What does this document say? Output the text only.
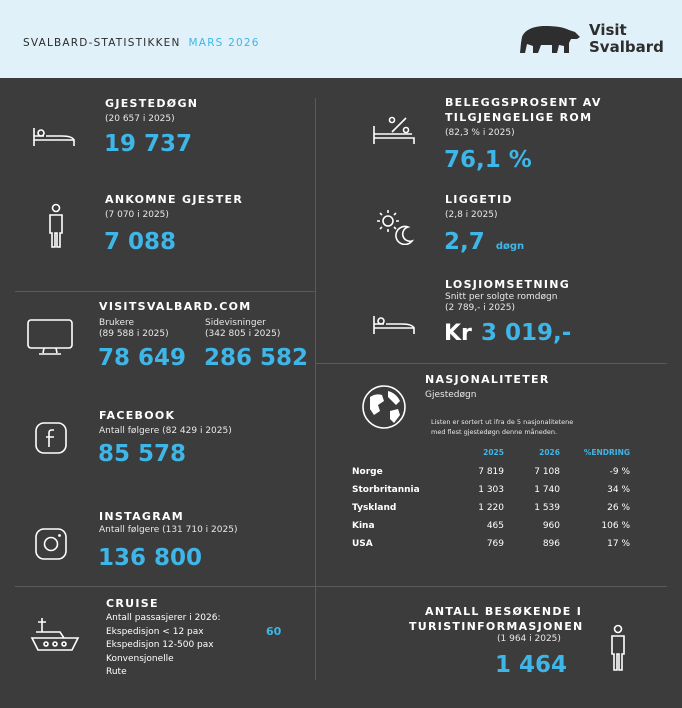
SVALBARD-STATISTIKKEN MARS 2026
Visit
Svalbard
GJESTEDØGN
(20 657 i 2025)
19 737
ANKOMNE GJESTER
(7 070 i 2025)
7 088
BELEGGSPROSENT AV
TILGJENGELIGE ROM
(82,3 % i 2025)
76,1 %
LIGGETID
(2,8 i 2025)
2,7 døgn
LOSJIOMSETNING
Snitt per solgte romdøgn
(2 789,- i 2025)
Kr 3 019,-
VISITSVALBARD.COM
Brukere
(89 588 i 2025)
78 649
Sidevisninger
(342 805 i 2025)
286 582
FACEBOOK
Antall følgere (82 429 i 2025)
85 578
INSTAGRAM
Antall følgere (131 710 i 2025)
136 800
NASJONALITETER
Gjestedøgn
Listen er sortert ut ifra de 5 nasjonalitetene
med flest gjestedøgn denne måneden.
	2025	2026	%ENDRING
Norge	7 819	7 108	-9 %
Storbritannia	1 303	1 740	34 %
Tyskland	1 220	1 539	26 %
Kina	465	960	106 %
USA	769	896	17 %
CRUISE
Antall passasjerer i 2026:
Ekspedisjon < 12 pax
Ekspedisjon 12-500 pax
Konvensjonelle
Rute
60
ANTALL BESØKENDE I
TURISTINFORMASJONEN
(1 964 i 2025)
1 464
